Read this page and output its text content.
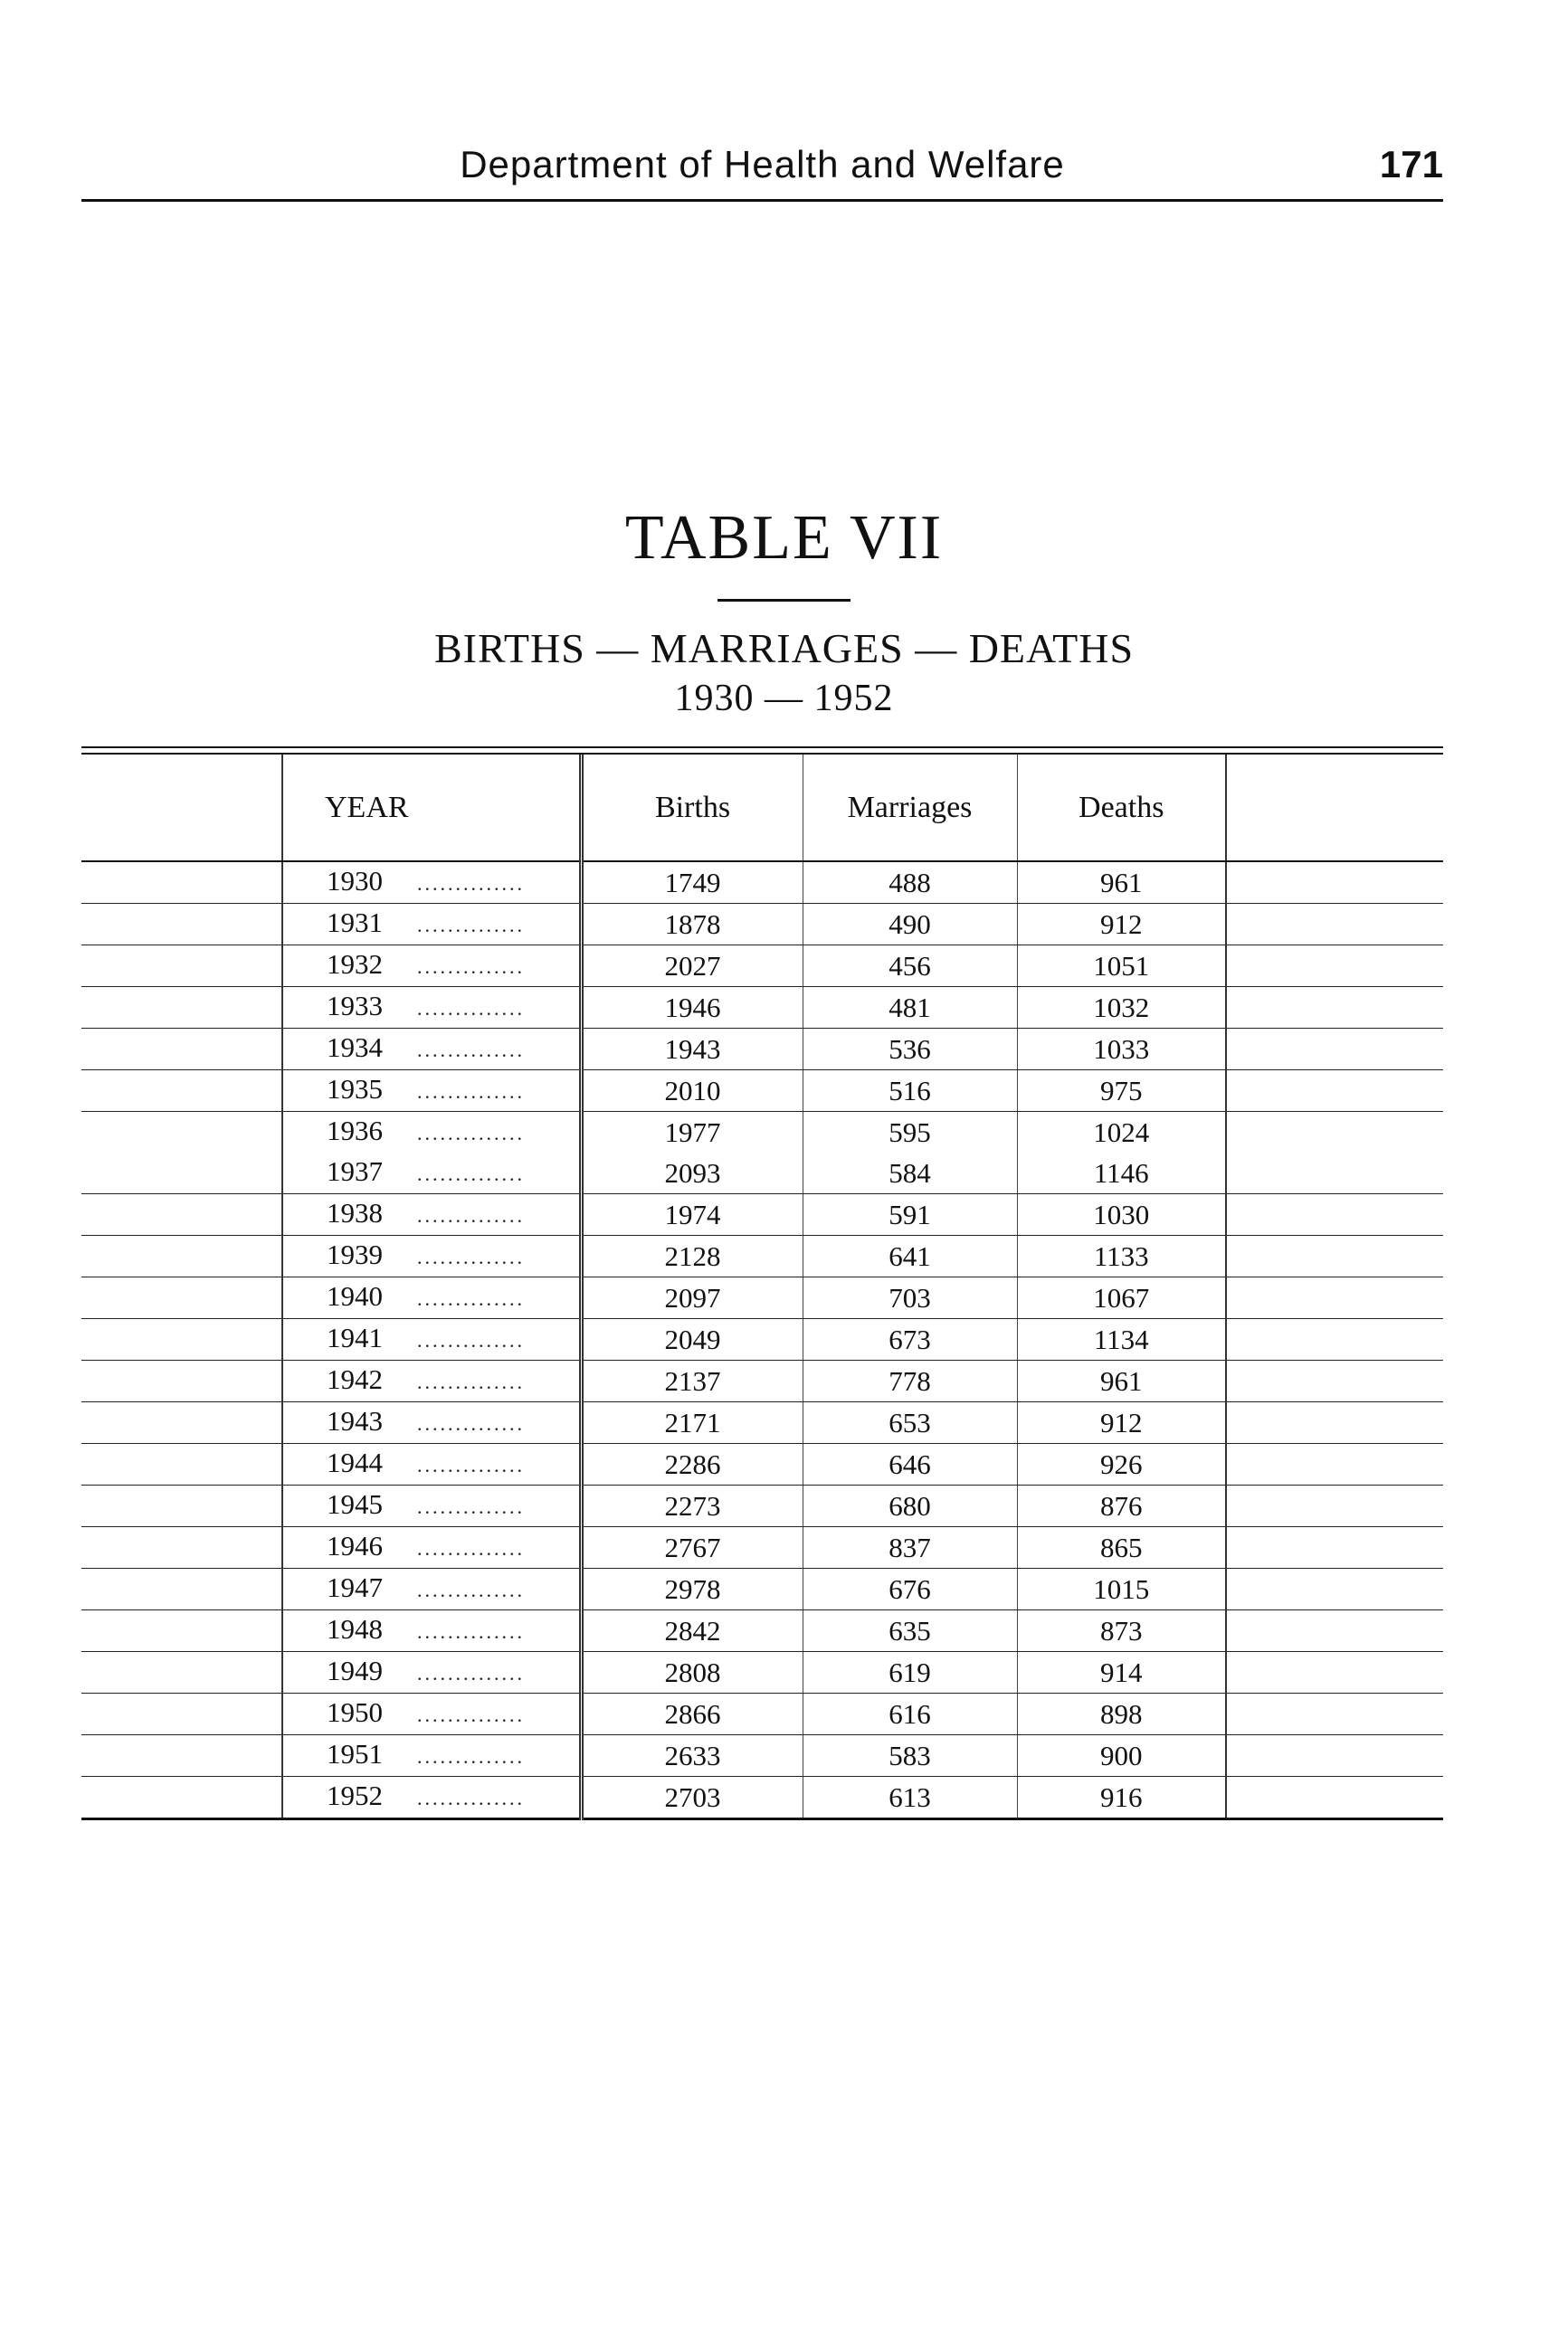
Department of Health and Welfare	171
TABLE VII
BIRTHS — MARRIAGES — DEATHS
1930 — 1952
	YEAR	Births	Marriages	Deaths	
	1930 ..............	1749	488	961	
	1931 ..............	1878	490	912	
	1932 ..............	2027	456	1051	
	1933 ..............	1946	481	1032	
	1934 ..............	1943	536	1033	
	1935 ..............	2010	516	975	
	1936 ..............	1977	595	1024	
	1937 ..............	2093	584	1146	
	1938 ..............	1974	591	1030	
	1939 ..............	2128	641	1133	
	1940 ..............	2097	703	1067	
	1941 ..............	2049	673	1134	
	1942 ..............	2137	778	961	
	1943 ..............	2171	653	912	
	1944 ..............	2286	646	926	
	1945 ..............	2273	680	876	
	1946 ..............	2767	837	865	
	1947 ..............	2978	676	1015	
	1948 ..............	2842	635	873	
	1949 ..............	2808	619	914	
	1950 ..............	2866	616	898	
	1951 ..............	2633	583	900	
	1952 ..............	2703	613	916	
